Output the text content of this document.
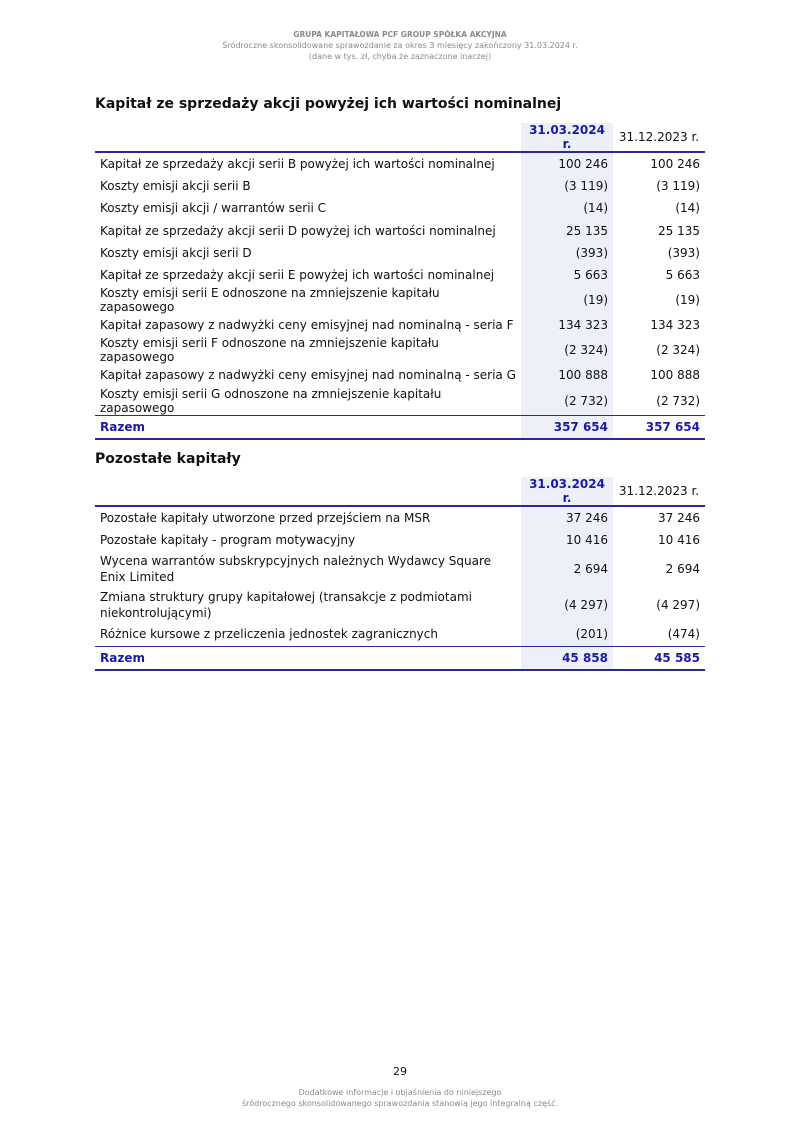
GRUPA KAPITAŁOWA PCF GROUP SPÓŁKA AKCYJNA
Śródroczne skonsolidowane sprawozdanie za okres 3 miesięcy zakończony 31.03.2024 r.
(dane w tys. zł, chyba że zaznaczone inaczej)
Kapitał ze sprzedaży akcji powyżej ich wartości nominalnej
	31.03.2024 r.	31.12.2023 r.
Kapitał ze sprzedaży akcji serii B powyżej ich wartości nominalnej	100 246	100 246
Koszty emisji akcji serii B	(3 119)	(3 119)
Koszty emisji akcji / warrantów serii C	(14)	(14)
Kapitał ze sprzedaży akcji serii D powyżej ich wartości nominalnej	25 135	25 135
Koszty emisji akcji serii D	(393)	(393)
Kapitał ze sprzedaży akcji serii E powyżej ich wartości nominalnej	5 663	5 663
Koszty emisji serii E odnoszone na zmniejszenie kapitału zapasowego	(19)	(19)
Kapitał zapasowy z nadwyżki ceny emisyjnej nad nominalną - seria F	134 323	134 323
Koszty emisji serii F odnoszone na zmniejszenie kapitału zapasowego	(2 324)	(2 324)
Kapitał zapasowy z nadwyżki ceny emisyjnej nad nominalną - seria G	100 888	100 888
Koszty emisji serii G odnoszone na zmniejszenie kapitału zapasowego	(2 732)	(2 732)
Razem	357 654	357 654
Pozostałe kapitały
	31.03.2024 r.	31.12.2023 r.
Pozostałe kapitały utworzone przed przejściem na MSR	37 246	37 246
Pozostałe kapitały - program motywacyjny	10 416	10 416
Wycena warrantów subskrypcyjnych należnych Wydawcy Square Enix Limited	2 694	2 694
Zmiana struktury grupy kapitałowej (transakcje z podmiotami niekontrolującymi)	(4 297)	(4 297)
Różnice kursowe z przeliczenia jednostek zagranicznych	(201)	(474)
Razem	45 858	45 585
29
Dodatkowe informacje i objaśnienia do niniejszego
śródrocznego skonsolidowanego sprawozdania stanowią jego integralną część.
